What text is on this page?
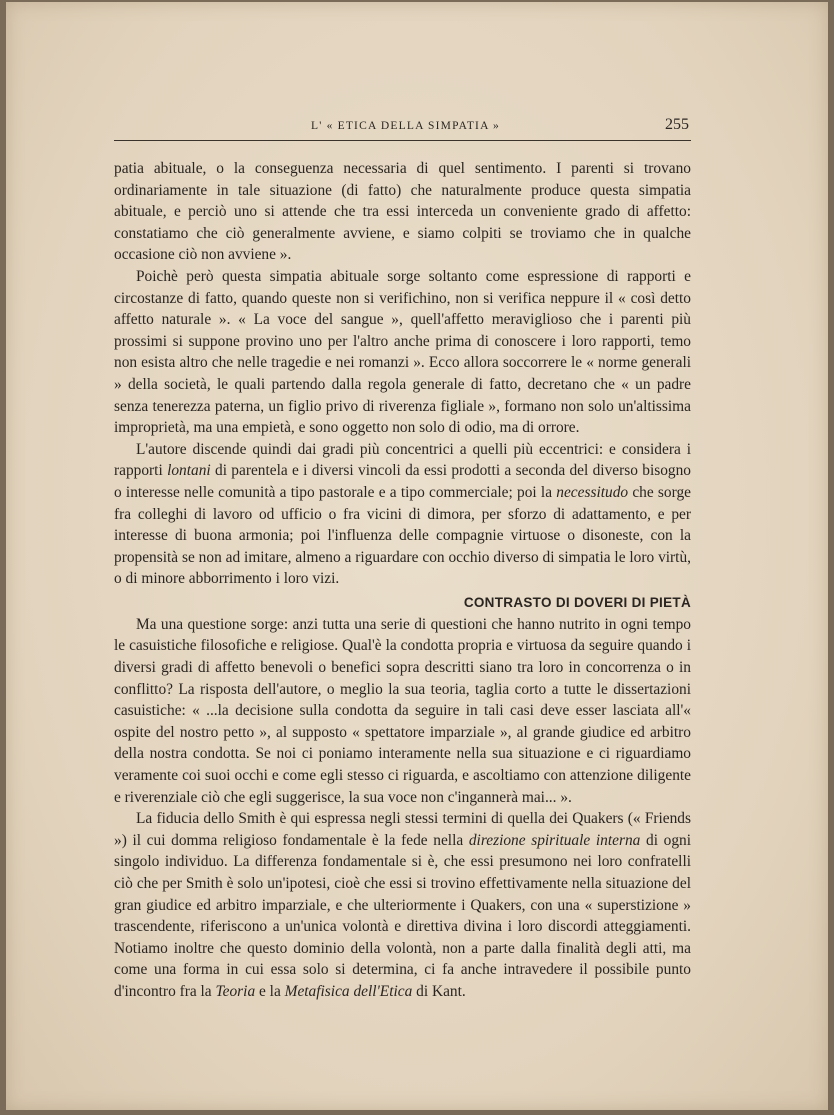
L' « ETICA DELLA SIMPATIA »	255

patia abituale, o la conseguenza necessaria di quel sentimento. I parenti si trovano ordinariamente in tale situazione (di fatto) che naturalmente produce questa simpatia abituale, e perciò uno si attende che tra essi interceda un conveniente grado di affetto: constatiamo che ciò generalmente avviene, e siamo colpiti se troviamo che in qualche occasione ciò non avviene ».

Poichè però questa simpatia abituale sorge soltanto come espressione di rapporti e circostanze di fatto, quando queste non si verifichino, non si verifica neppure il « così detto affetto naturale ». « La voce del sangue », quell'affetto meraviglioso che i parenti più prossimi si suppone provino uno per l'altro anche prima di conoscere i loro rapporti, temo non esista altro che nelle tragedie e nei romanzi ». Ecco allora soccorrere le « norme generali » della società, le quali partendo dalla regola generale di fatto, decretano che « un padre senza tenerezza paterna, un figlio privo di riverenza figliale », formano non solo un'altissima improprietà, ma una empietà, e sono oggetto non solo di odio, ma di orrore.

L'autore discende quindi dai gradi più concentrici a quelli più eccentrici: e considera i rapporti lontani di parentela e i diversi vincoli da essi prodotti a seconda del diverso bisogno o interesse nelle comunità a tipo pastorale e a tipo commerciale; poi la necessitudo che sorge fra colleghi di lavoro od ufficio o fra vicini di dimora, per sforzo di adattamento, e per interesse di buona armonia; poi l'influenza delle compagnie virtuose o disoneste, con la propensità se non ad imitare, almeno a riguardare con occhio diverso di simpatia le loro virtù, o di minore abborrimento i loro vizi.

CONTRASTO DI DOVERI DI PIETÀ

Ma una questione sorge: anzi tutta una serie di questioni che hanno nutrito in ogni tempo le casuistiche filosofiche e religiose. Qual'è la condotta propria e virtuosa da seguire quando i diversi gradi di affetto benevoli o benefici sopra descritti siano tra loro in concorrenza o in conflitto? La risposta dell'autore, o meglio la sua teoria, taglia corto a tutte le dissertazioni casuistiche: « ...la decisione sulla condotta da seguire in tali casi deve esser lasciata all'« ospite del nostro petto », al supposto « spettatore imparziale », al grande giudice ed arbitro della nostra condotta. Se noi ci poniamo interamente nella sua situazione e ci riguardiamo veramente coi suoi occhi e come egli stesso ci riguarda, e ascoltiamo con attenzione diligente e riverenziale ciò che egli suggerisce, la sua voce non c'ingannerà mai... ».

La fiducia dello Smith è qui espressa negli stessi termini di quella dei Quakers (« Friends ») il cui domma religioso fondamentale è la fede nella direzione spirituale interna di ogni singolo individuo. La differenza fondamentale si è, che essi presumono nei loro confratelli ciò che per Smith è solo un'ipotesi, cioè che essi si trovino effettivamente nella situazione del gran giudice ed arbitro imparziale, e che ulteriormente i Quakers, con una « superstizione » trascendente, riferiscono a un'unica volontà e direttiva divina i loro discordi atteggiamenti. Notiamo inoltre che questo dominio della volontà, non a parte dalla finalità degli atti, ma come una forma in cui essa solo si determina, ci fa anche intravedere il possibile punto d'incontro fra la Teoria e la Metafisica dell'Etica di Kant.
